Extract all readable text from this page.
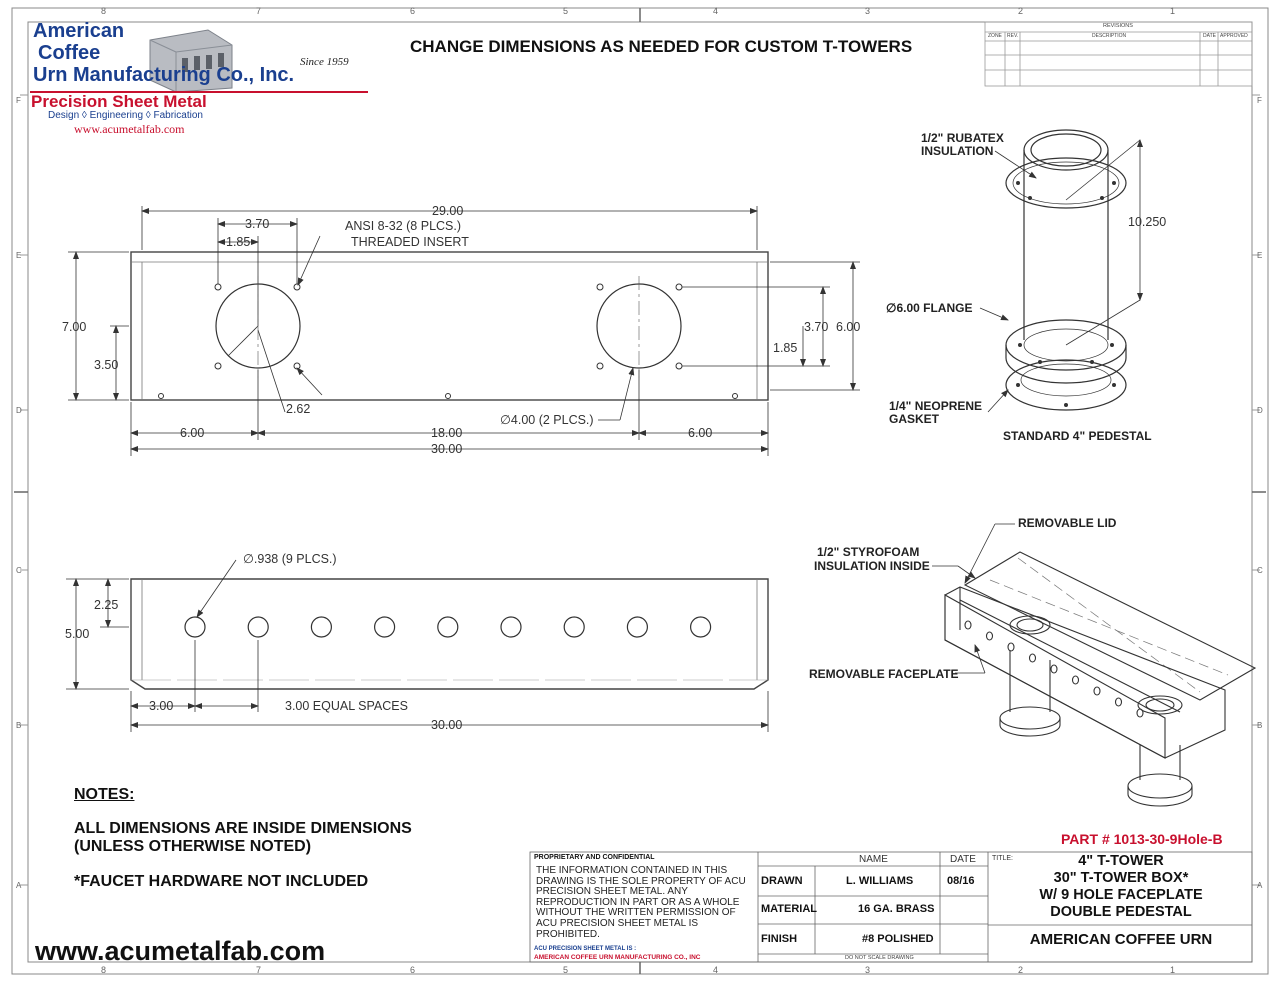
29.00
3.70
1.85
ANSI 8-32 (8 PLCS.)
THREADED INSERT
7.00
3.50
3.70
1.85
6.00
2.62
∅4.00 (2 PLCS.)
6.00	18.00	6.00
30.00
∅.938 (9 PLCS.)
2.25
5.00
3.00	3.00 EQUAL SPACES
30.00
1/2" RUBATEX
INSULATION
10.250
∅6.00 FLANGE
1/4" NEOPRENE
GASKET
STANDARD 4" PEDESTAL
REMOVABLE LID
1/2" STYROFOAM
INSULATION INSIDE
REMOVABLE FACEPLATE
8	7	6	5	4	3	2	1
8	7	6	5	4	3	2	1
F
E
D
C
B
A
F
E
D
C
B
A
REVISIONS
ZONE REV.	DESCRIPTION	DATE APPROVED
American
Coffee
Urn Manufacturing Co., Inc.
Since 1959
Precision Sheet Metal
Design ◊ Engineering ◊ Fabrication
www.acumetalfab.com
CHANGE DIMENSIONS AS NEEDED FOR CUSTOM T-TOWERS
NOTES:
ALL DIMENSIONS ARE INSIDE DIMENSIONS
(UNLESS OTHERWISE NOTED)
*FAUCET HARDWARE NOT INCLUDED
www.acumetalfab.com
PART # 1013-30-9Hole-B
PROPRIETARY AND CONFIDENTIAL
THE INFORMATION CONTAINED IN THIS DRAWING IS THE SOLE PROPERTY OF ACU PRECISION SHEET METAL. ANY REPRODUCTION IN PART OR AS A WHOLE WITHOUT THE WRITTEN PERMISSION OF ACU PRECISION SHEET METAL IS PROHIBITED.
ACU PRECISION SHEET METAL IS :
AMERICAN COFFEE URN MANUFACTURING CO., INC
NAME	DATE TITLE:
DRAWN	L. WILLIAMS	08/16
MATERIAL	16 GA. BRASS
FINISH	#8 POLISHED
DO NOT SCALE DRAWING
4" T-TOWER
30" T-TOWER BOX*
W/ 9 HOLE FACEPLATE
DOUBLE PEDESTAL
AMERICAN COFFEE URN
